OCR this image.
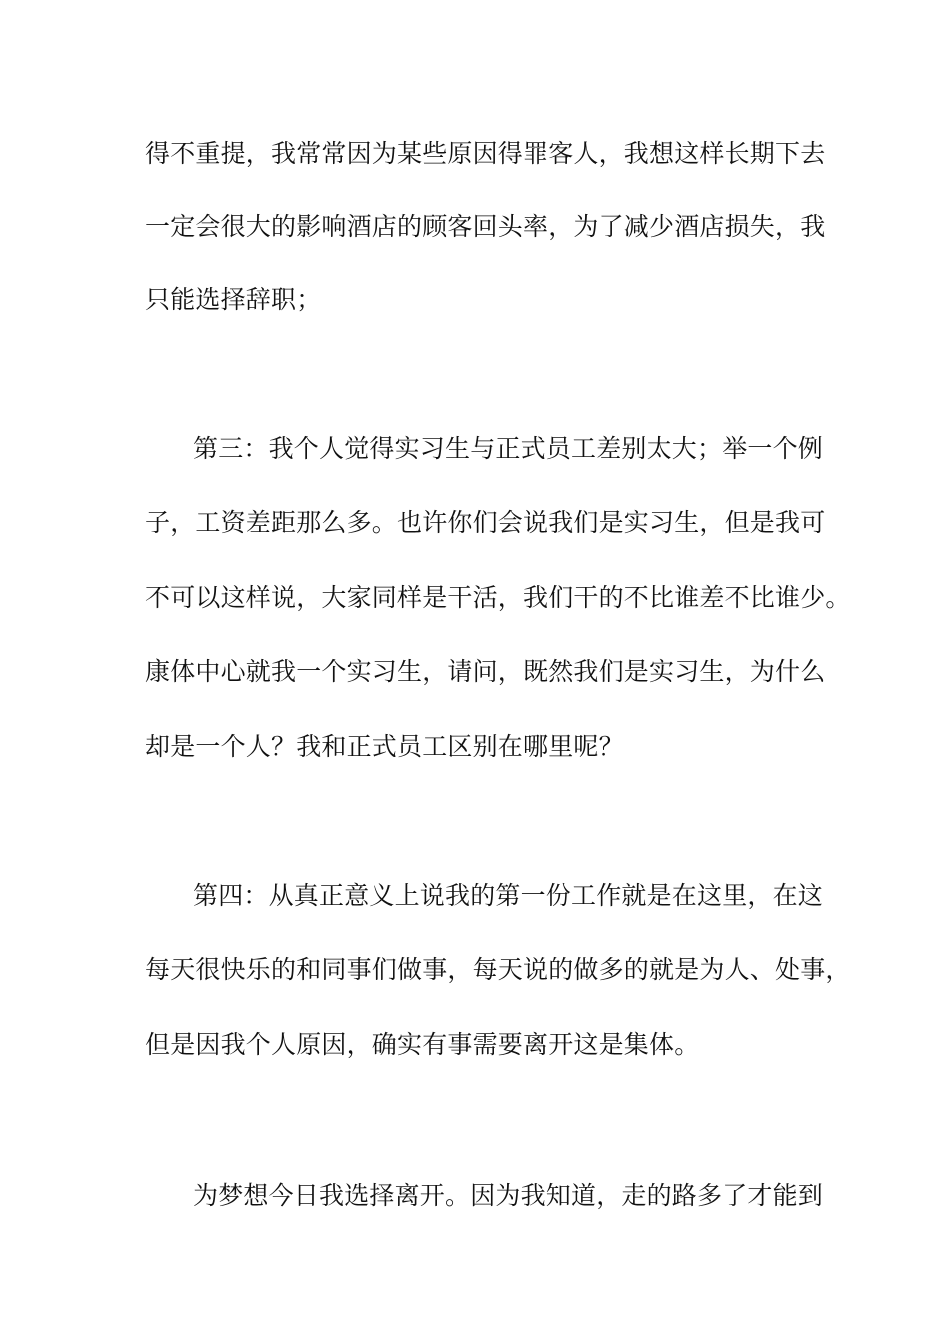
得不重提，我常常因为某些原因得罪客人，我想这样长期下去
一定会很大的影响酒店的顾客回头率，为了减少酒店损失，我
只能选择辞职；
第三：我个人觉得实习生与正式员工差别太大；举一个例
子，工资差距那么多。也许你们会说我们是实习生，但是我可
不可以这样说，大家同样是干活，我们干的不比谁差不比谁少。
康体中心就我一个实习生，请问，既然我们是实习生，为什么
却是一个人？我和正式员工区别在哪里呢？
第四：从真正意义上说我的第一份工作就是在这里，在这
每天很快乐的和同事们做事，每天说的做多的就是为人、处事，
但是因我个人原因，确实有事需要离开这是集体。
为梦想今日我选择离开。因为我知道，走的路多了才能到
